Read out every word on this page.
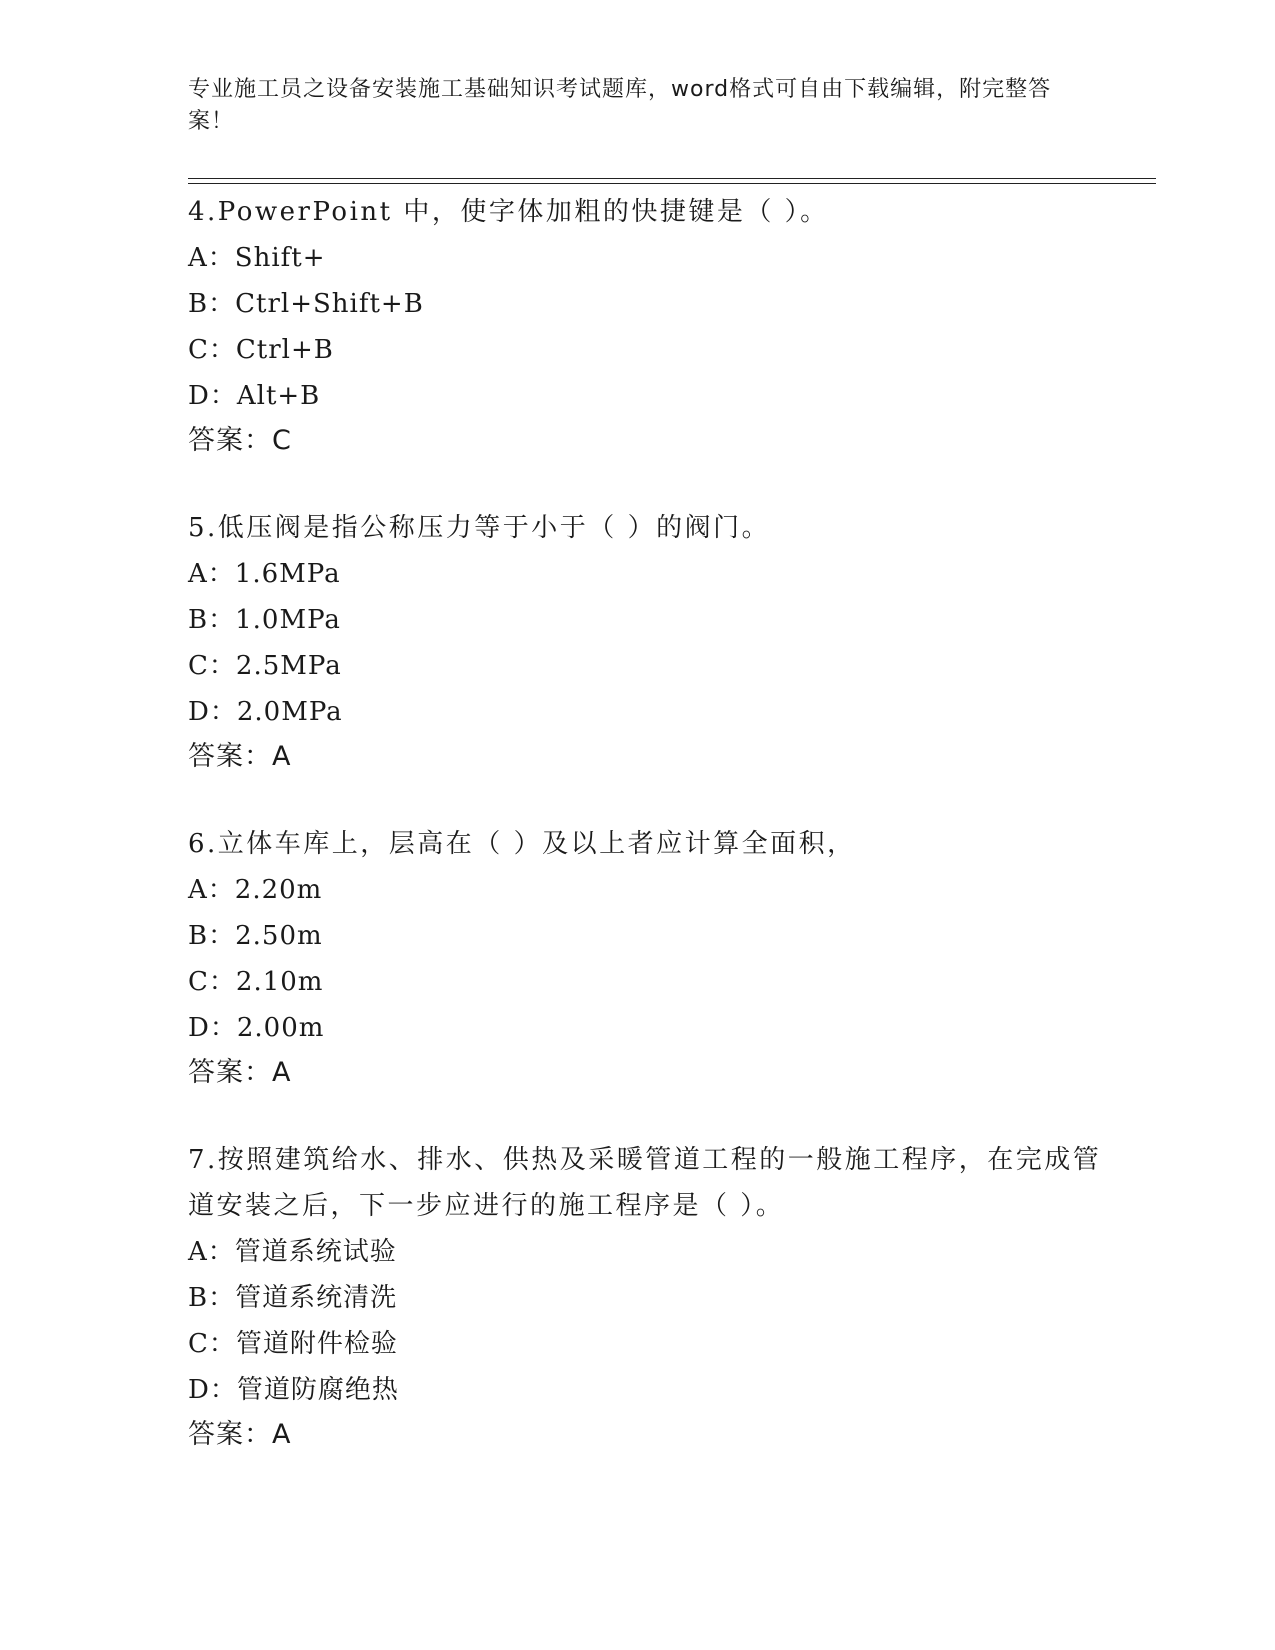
专业施工员之设备安装施工基础知识考试题库，word格式可自由下载编辑，附完整答案！
4.PowerPoint 中，使字体加粗的快捷键是（ ）。
A：Shift+
B：Ctrl+Shift+B
C：Ctrl+B
D：Alt+B
答案：C
5.低压阀是指公称压力等于小于（ ）的阀门。
A：1.6MPa
B：1.0MPa
C：2.5MPa
D：2.0MPa
答案：A
6.立体车库上，层高在（ ）及以上者应计算全面积，
A：2.20m
B：2.50m
C：2.10m
D：2.00m
答案：A
7.按照建筑给水、排水、供热及采暖管道工程的一般施工程序，在完成管道安装之后，下一步应进行的施工程序是（ ）。
A：管道系统试验
B：管道系统清洗
C：管道附件检验
D：管道防腐绝热
答案：A
